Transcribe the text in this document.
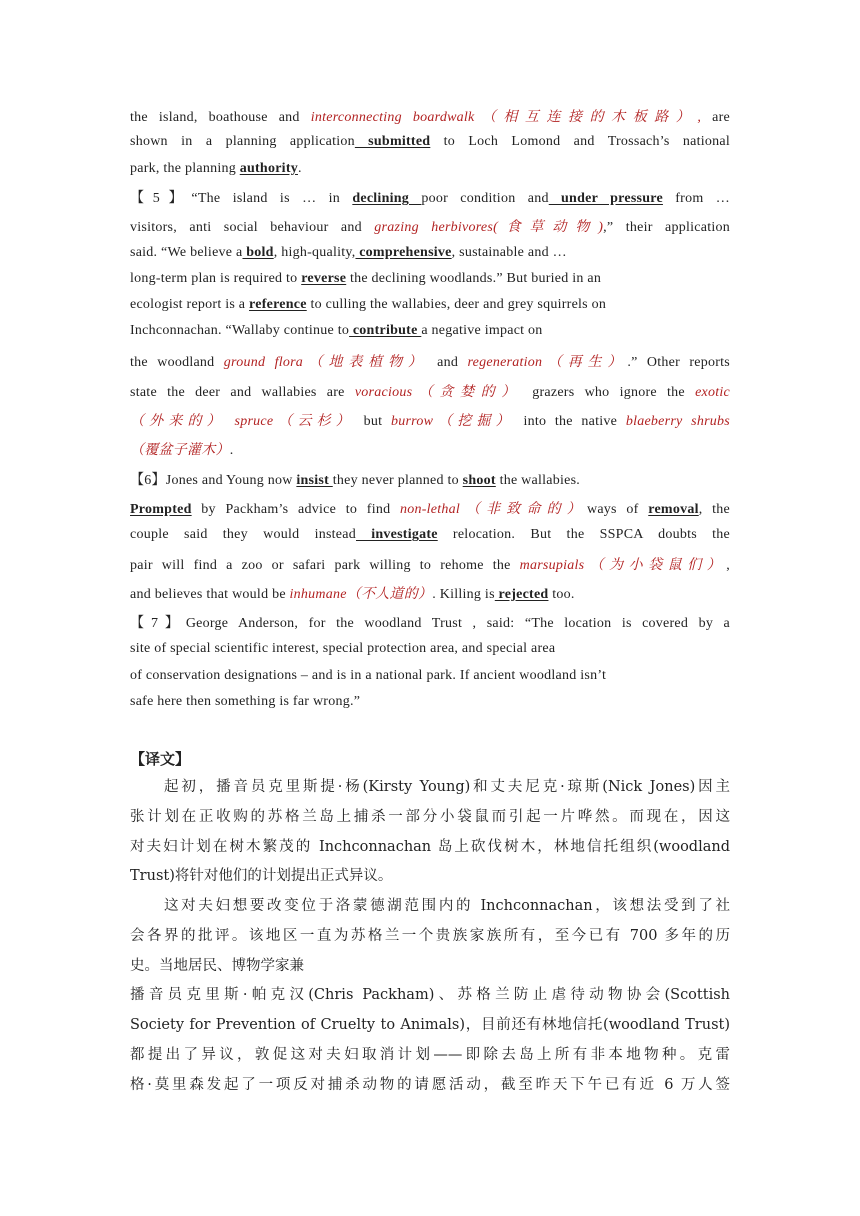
the island, boathouse and interconnecting boardwalk（相互连接的木板路）, are
shown in a planning application submitted to Loch Lomond and Trossach’s national
park, the planning authority.
【5】“The island is … in declining poor condition and under pressure from …
visitors, anti social behaviour and grazing herbivores(食草动物),” their application
said. “We believe a bold, high-quality, comprehensive, sustainable and …
long-term plan is required to reverse the declining woodlands.” But buried in an
ecologist report is a reference to culling the wallabies, deer and grey squirrels on
Inchconnachan. “Wallaby continue to contribute a negative impact on
the woodland ground flora（地表植物） and regeneration（再生）.” Other reports
state the deer and wallabies are voracious（贪婪的） grazers who ignore the exotic
（外来的） spruce（云杉） but burrow（挖掘） into the native blaeberry shrubs
（覆盆子灌木）.
【6】Jones and Young now insist they never planned to shoot the wallabies.
Prompted by Packham’s advice to find non-lethal（非致命的）ways of removal, the
couple said they would instead investigate relocation. But the SSPCA doubts the
pair will find a zoo or safari park willing to rehome the marsupials（为小袋鼠们）,
and believes that would be inhumane（不人道的）. Killing is rejected too.
【7】George Anderson, for the woodland Trust , said: “The location is covered by a
site of special scientific interest, special protection area, and special area
of conservation designations – and is in a national park. If ancient woodland isn’t
safe here then something is far wrong.”
【译文】
起初，播音员克里斯提·杨(Kirsty Young)和丈夫尼克·琼斯(Nick Jones)因主
张计划在正收购的苏格兰岛上捕杀一部分小袋鼠而引起一片哗然。而现在，因这
对夫妇计划在树木繁茂的 Inchconnachan 岛上砍伐树木，林地信托组织(woodland
Trust)将针对他们的计划提出正式异议。
这对夫妇想要改变位于洛蒙德湖范围内的 Inchconnachan，该想法受到了社
会各界的批评。该地区一直为苏格兰一个贵族家族所有，至今已有 700 多年的历
史。当地居民、博物学家兼
播音员克里斯·帕克汉(Chris Packham)、苏格兰防止虐待动物协会(Scottish
Society for Prevention of Cruelty to Animals)，目前还有林地信托(woodland Trust)
都提出了异议，敦促这对夫妇取消计划——即除去岛上所有非本地物种。克雷
格·莫里森发起了一项反对捕杀动物的请愿活动，截至昨天下午已有近 6 万人签
